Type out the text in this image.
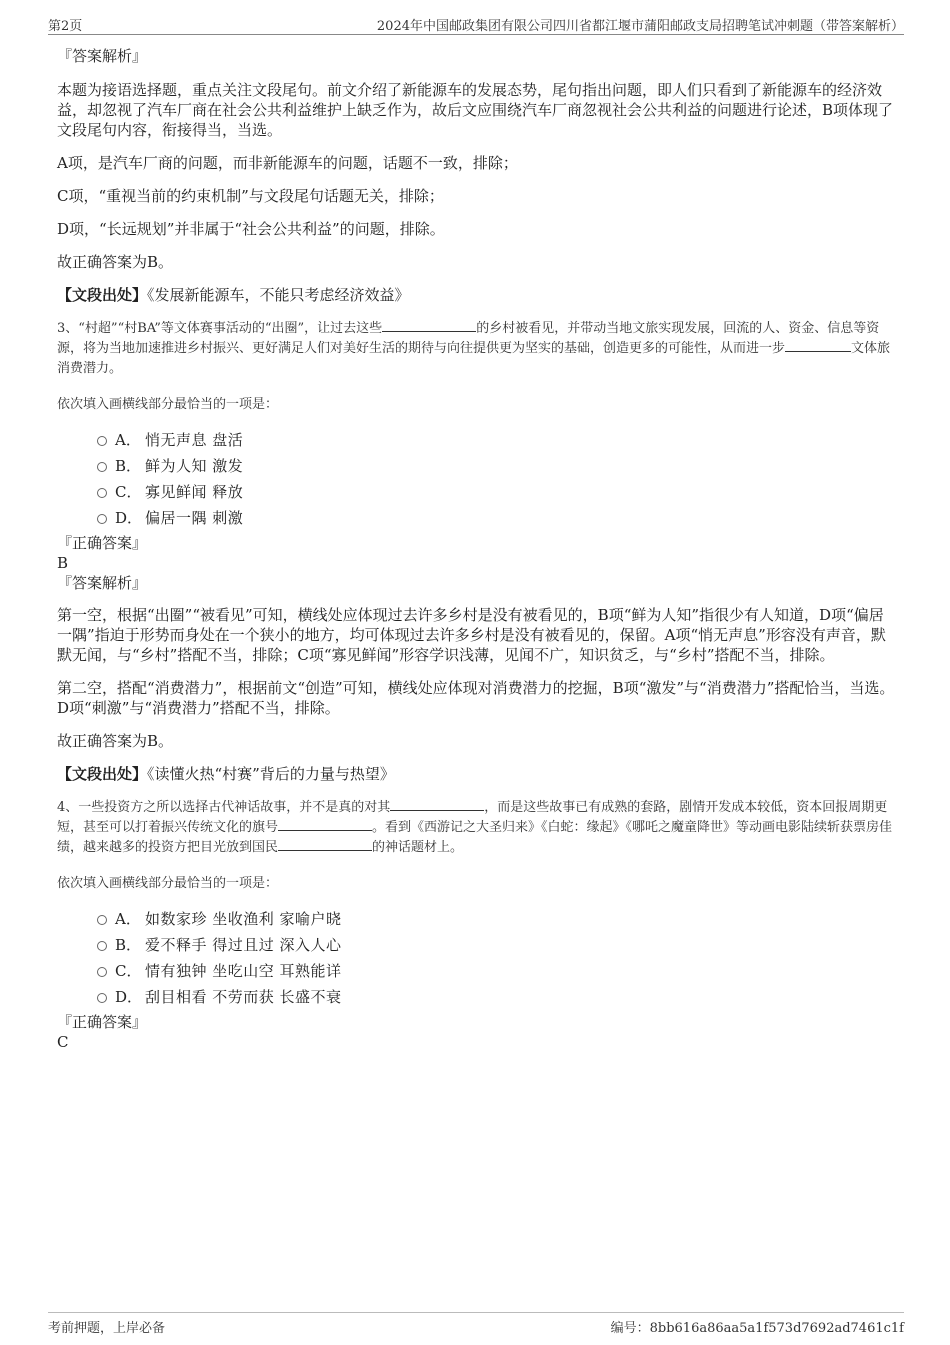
第2页	2024年中国邮政集团有限公司四川省都江堰市蒲阳邮政支局招聘笔试冲刺题（带答案解析）

『答案解析』

本题为接语选择题，重点关注文段尾句。前文介绍了新能源车的发展态势，尾句指出问题，即人们只看到了新能源车的经济效益，却忽视了汽车厂商在社会公共利益维护上缺乏作为，故后文应围绕汽车厂商忽视社会公共利益的问题进行论述，B项体现了文段尾句内容，衔接得当，当选。

A项，是汽车厂商的问题，而非新能源车的问题，话题不一致，排除；

C项，“重视当前的约束机制”与文段尾句话题无关，排除；

D项，“长远规划”并非属于“社会公共利益”的问题，排除。

故正确答案为B。

【文段出处】《发展新能源车，不能只考虑经济效益》

3、“村超”“村BA”等文体赛事活动的“出圈”，让过去这些	的乡村被看见，并带动当地文旅实现发展，回流的人、资金、信息等资源，将为当地加速推进乡村振兴、更好满足人们对美好生活的期待与向往提供更为坚实的基础，创造更多的可能性，从而进一步	文体旅消费潜力。

依次填入画横线部分最恰当的一项是：

A． 悄无声息 盘活
B． 鲜为人知 激发
C． 寡见鲜闻 释放
D． 偏居一隅 刺激

『正确答案』

B

『答案解析』

第一空，根据“出圈”“被看见”可知，横线处应体现过去许多乡村是没有被看见的，B项“鲜为人知”指很少有人知道，D项“偏居一隅”指迫于形势而身处在一个狭小的地方，均可体现过去许多乡村是没有被看见的，保留。A项“悄无声息”形容没有声音，默默无闻，与“乡村”搭配不当，排除；C项“寡见鲜闻”形容学识浅薄，见闻不广，知识贫乏，与“乡村”搭配不当，排除。

第二空，搭配“消费潜力”，根据前文“创造”可知，横线处应体现对消费潜力的挖掘，B项“激发”与“消费潜力”搭配恰当，当选。D项“刺激”与“消费潜力”搭配不当，排除。

故正确答案为B。

【文段出处】《读懂火热“村赛”背后的力量与热望》

4、一些投资方之所以选择古代神话故事，并不是真的对其	，而是这些故事已有成熟的套路，剧情开发成本较低，资本回报周期更短，甚至可以打着振兴传统文化的旗号	。看到《西游记之大圣归来》《白蛇：缘起》《哪吒之魔童降世》等动画电影陆续斩获票房佳绩，越来越多的投资方把目光放到国民	的神话题材上。

依次填入画横线部分最恰当的一项是：

A． 如数家珍 坐收渔利 家喻户晓
B． 爱不释手 得过且过 深入人心
C． 情有独钟 坐吃山空 耳熟能详
D． 刮目相看 不劳而获 长盛不衰

『正确答案』

C

考前押题，上岸必备	编号：8bb616a86aa5a1f573d7692ad7461c1f
